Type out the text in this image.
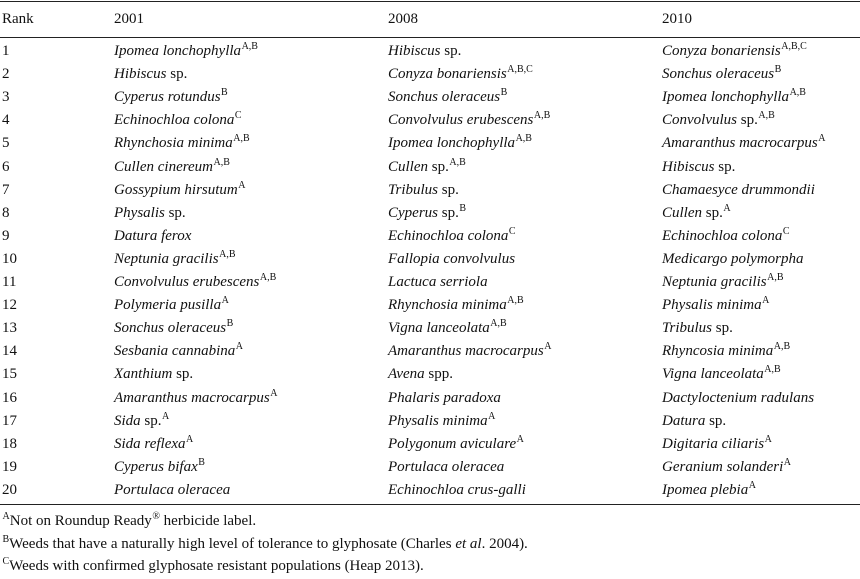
Rank	2001	2008	2010
1	Ipomea lonchophylla$^{A,B}$	Hibiscus sp.	Conyza bonariensis$^{A,B,C}$
2	Hibiscus sp.	Conyza bonariensis$^{A,B,C}$	Sonchus oleraceus$^B$
3	Cyperus rotundus$^B$	Sonchus oleraceus$^B$	Ipomea lonchophylla$^{A,B}$
4	Echinochloa colona$^C$	Convolvulus erubescens$^{A,B}$	Convolvulus sp.$^{A,B}$
5	Rhynchosia minima$^{A,B}$	Ipomea lonchophylla$^{A,B}$	Amaranthus macrocarpus$^A$
6	Cullen cinereum$^{A,B}$	Cullen sp.$^{A,B}$	Hibiscus sp.
7	Gossypium hirsutum$^A$	Tribulus sp.	Chamaesyce drummondii
8	Physalis sp.	Cyperus sp.$^B$	Cullen sp.$^A$
9	Datura ferox	Echinochloa colona$^C$	Echinochloa colona$^C$
10	Neptunia gracilis$^{A,B}$	Fallopia convolvulus	Medicargo polymorpha
11	Convolvulus erubescens$^{A,B}$	Lactuca serriola	Neptunia gracilis$^{A,B}$
12	Polymeria pusilla$^A$	Rhynchosia minima$^{A,B}$	Physalis minima$^A$
13	Sonchus oleraceus$^B$	Vigna lanceolata$^{A,B}$	Tribulus sp.
14	Sesbania cannabina$^A$	Amaranthus macrocarpus$^A$	Rhyncosia minima$^{A,B}$
15	Xanthium sp.	Avena spp.	Vigna lanceolata$^{A,B}$
16	Amaranthus macrocarpus$^A$	Phalaris paradoxa	Dactyloctenium radulans
17	Sida sp.$^A$	Physalis minima$^A$	Datura sp.
18	Sida reflexa$^A$	Polygonum aviculare$^A$	Digitaria ciliaris$^A$
19	Cyperus bifax$^B$	Portulaca oleracea	Geranium solanderi$^A$
20	Portulaca oleracea	Echinochloa crus-galli	Ipomea plebia$^A$
$^A$Not on Roundup Ready® herbicide label.
$^B$Weeds that have a naturally high level of tolerance to glyphosate (Charles et al. 2004).
$^C$Weeds with confirmed glyphosate resistant populations (Heap 2013).
